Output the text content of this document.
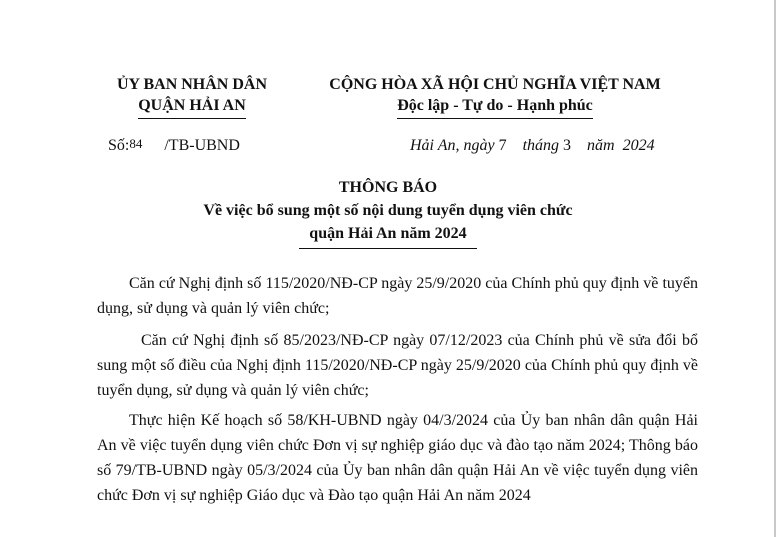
ỦY BAN NHÂN DÂN
QUẬN HẢI AN
CỘNG HÒA XÃ HỘI CHỦ NGHĨA VIỆT NAM
Độc lập - Tự do - Hạnh phúc
Số:84 /TB-UBND	Hải An, ngày 7 tháng 3 năm 2024
THÔNG BÁO
Về việc bổ sung một số nội dung tuyển dụng viên chức
quận Hải An năm 2024

Căn cứ Nghị định số 115/2020/NĐ-CP ngày 25/9/2020 của Chính phủ quy định về tuyển dụng, sử dụng và quản lý viên chức;

Căn cứ Nghị định số 85/2023/NĐ-CP ngày 07/12/2023 của Chính phủ về sửa đổi bổ sung một số điều của Nghị định 115/2020/NĐ-CP ngày 25/9/2020 của Chính phủ quy định về tuyển dụng, sử dụng và quản lý viên chức;

Thực hiện Kế hoạch số 58/KH-UBND ngày 04/3/2024 của Ủy ban nhân dân quận Hải An về việc tuyển dụng viên chức Đơn vị sự nghiệp giáo dục và đào tạo năm 2024; Thông báo số 79/TB-UBND ngày 05/3/2024 của Ủy ban nhân dân quận Hải An về việc tuyển dụng viên chức Đơn vị sự nghiệp Giáo dục và Đào tạo quận Hải An năm 2024
